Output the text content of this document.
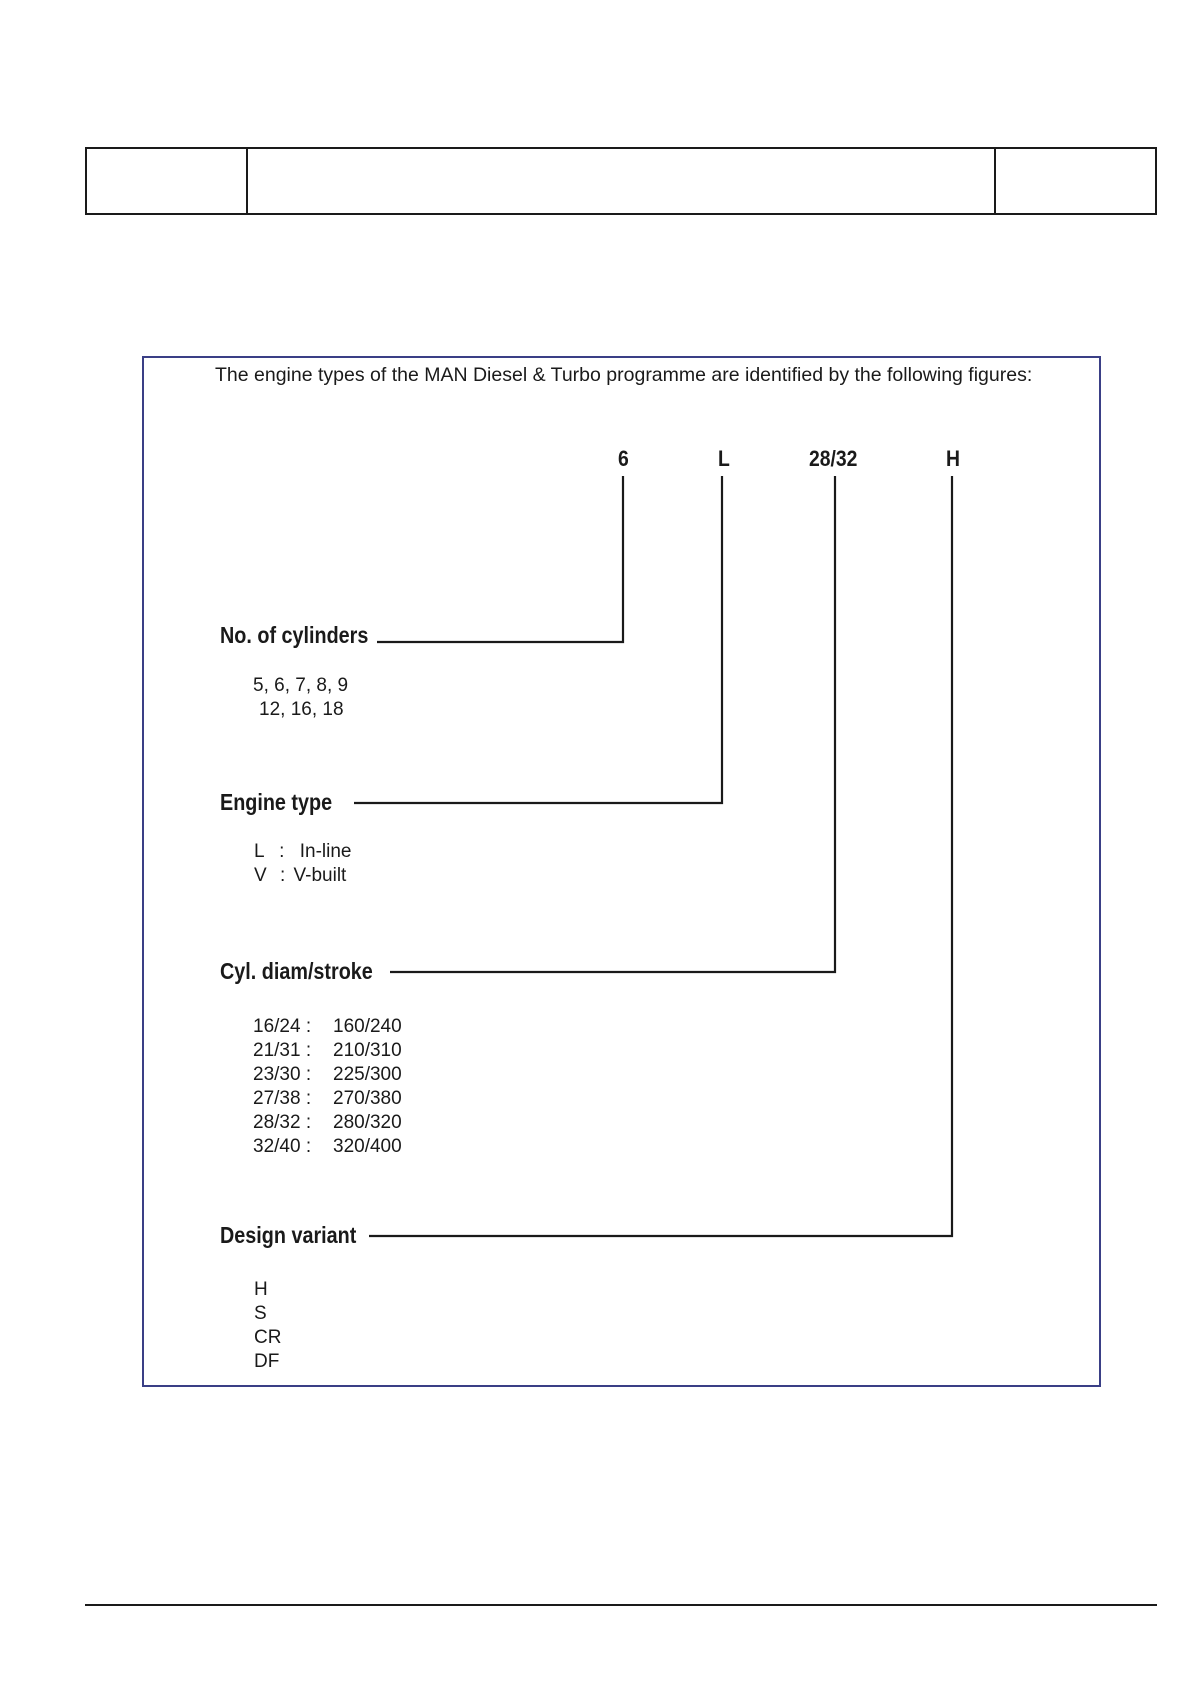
The engine types of the MAN Diesel & Turbo programme are identified by the following figures:
6	L	28/32	H
No. of cylinders
5, 6, 7, 8, 9
12, 16, 18
Engine type
L : In-line
V : V-built
Cyl. diam/stroke
16/24 : 160/240
21/31 : 210/310
23/30 : 225/300
27/38 : 270/380
28/32 : 280/320
32/40 : 320/400
Design variant
H
S
CR
DF
